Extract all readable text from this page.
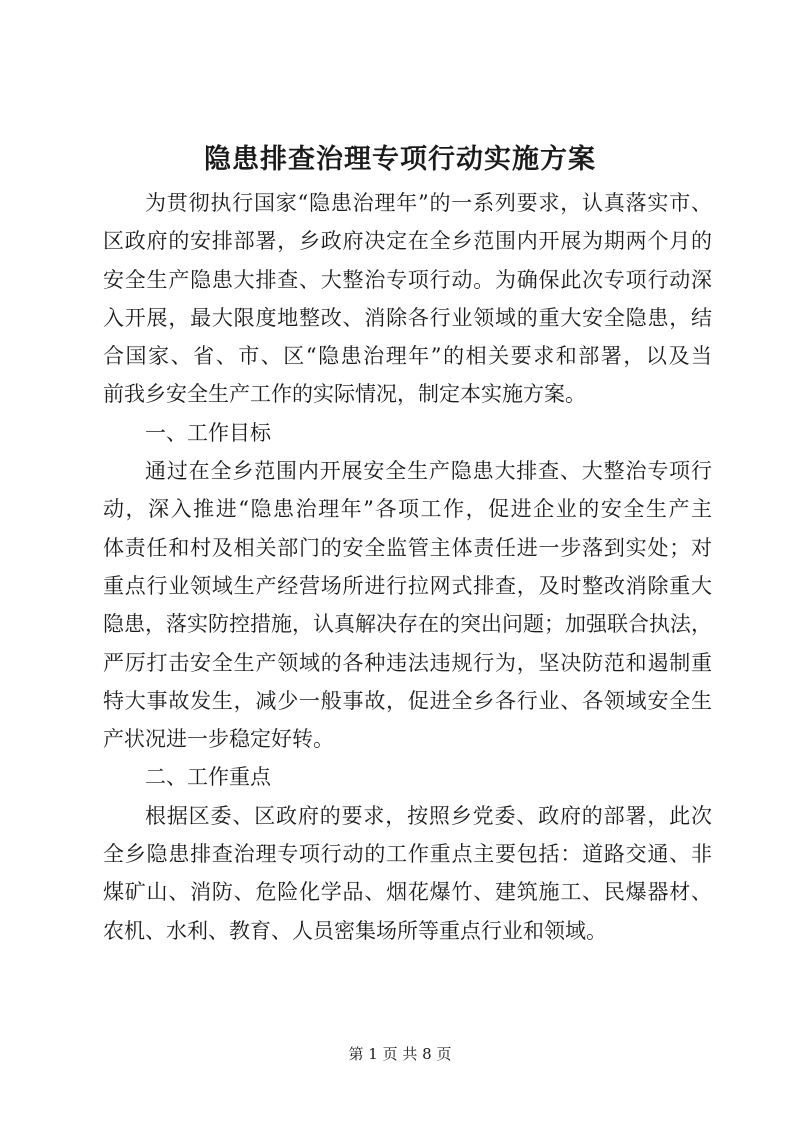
隐患排查治理专项行动实施方案
为贯彻执行国家“隐患治理年”的一系列要求，认真落实市、
区政府的安排部署，乡政府决定在全乡范围内开展为期两个月的
安全生产隐患大排查、大整治专项行动。为确保此次专项行动深
入开展，最大限度地整改、消除各行业领域的重大安全隐患，结
合国家、省、市、区“隐患治理年”的相关要求和部署，以及当
前我乡安全生产工作的实际情况，制定本实施方案。
一、工作目标
通过在全乡范围内开展安全生产隐患大排查、大整治专项行
动，深入推进“隐患治理年”各项工作，促进企业的安全生产主
体责任和村及相关部门的安全监管主体责任进一步落到实处；对
重点行业领域生产经营场所进行拉网式排查，及时整改消除重大
隐患，落实防控措施，认真解决存在的突出问题；加强联合执法，
严厉打击安全生产领域的各种违法违规行为，坚决防范和遏制重
特大事故发生，减少一般事故，促进全乡各行业、各领域安全生
产状况进一步稳定好转。
二、工作重点
根据区委、区政府的要求，按照乡党委、政府的部署，此次
全乡隐患排查治理专项行动的工作重点主要包括：道路交通、非
煤矿山、消防、危险化学品、烟花爆竹、建筑施工、民爆器材、
农机、水利、教育、人员密集场所等重点行业和领域。
第 1 页 共 8 页
